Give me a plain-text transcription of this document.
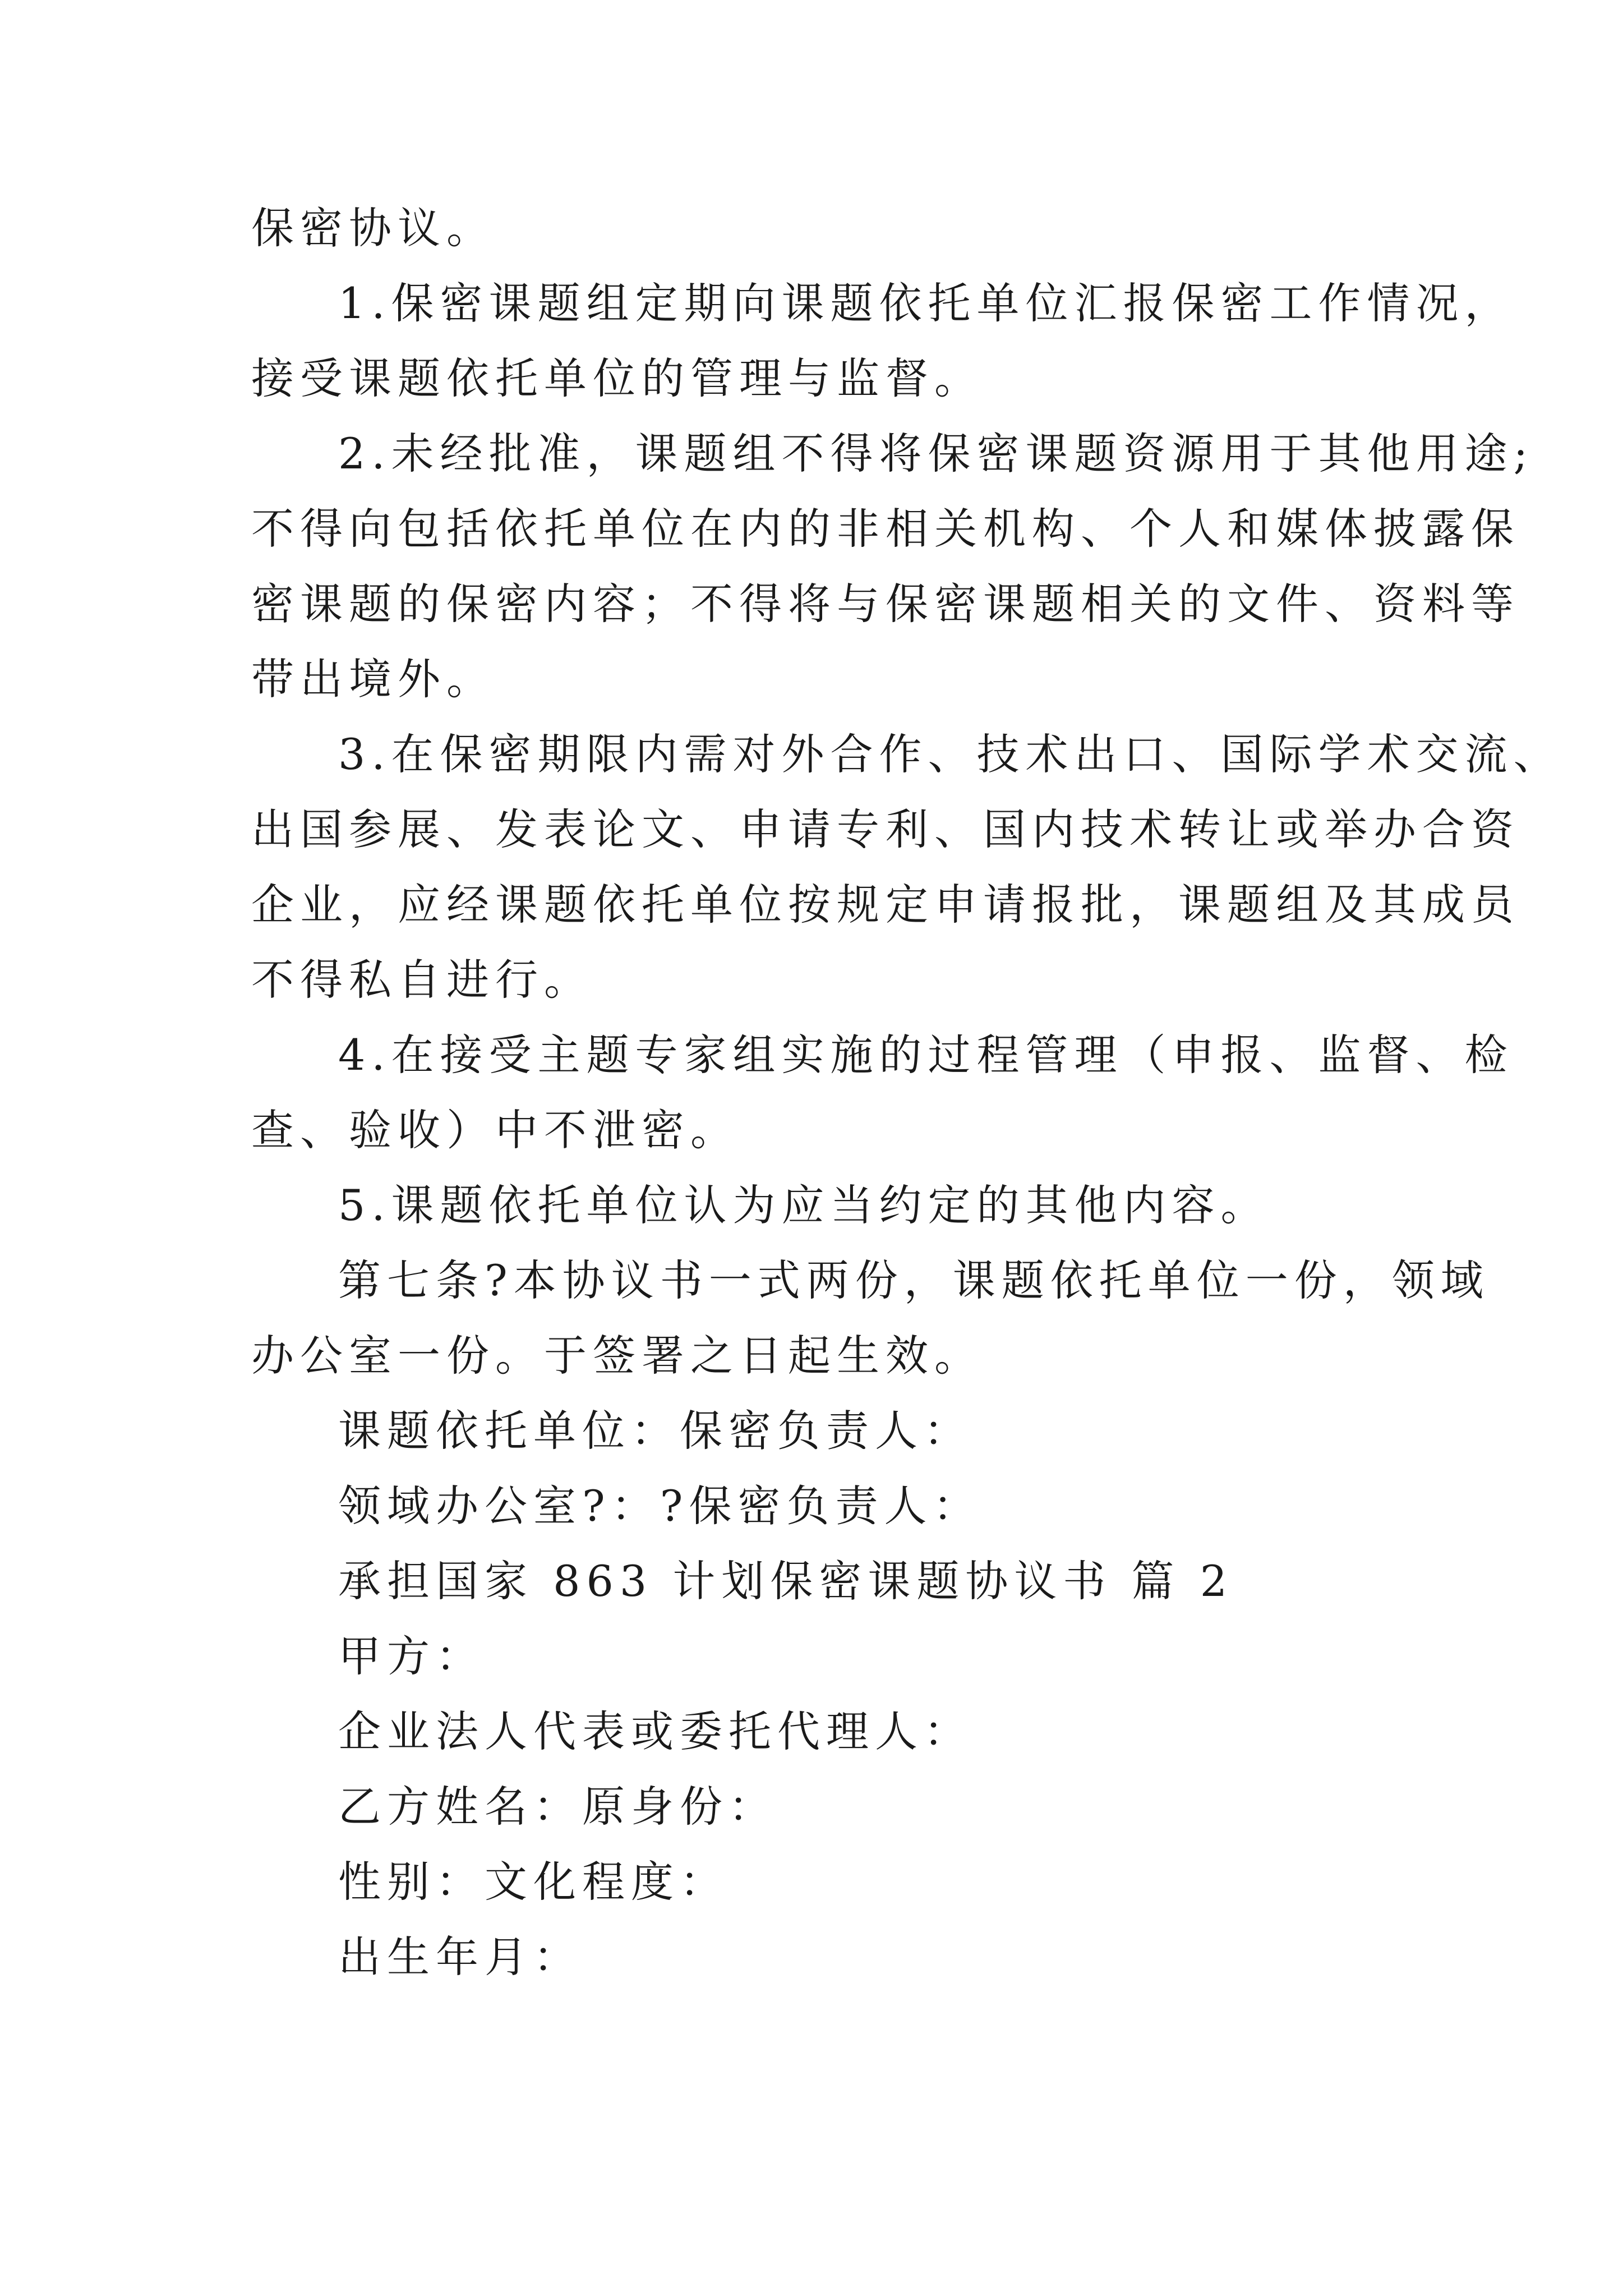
保密协议。
1.保密课题组定期向课题依托单位汇报保密工作情况，
接受课题依托单位的管理与监督。
2.未经批准，课题组不得将保密课题资源用于其他用途;
不得向包括依托单位在内的非相关机构、个人和媒体披露保
密课题的保密内容；不得将与保密课题相关的文件、资料等
带出境外。
3.在保密期限内需对外合作、技术出口、国际学术交流、
出国参展、发表论文、申请专利、国内技术转让或举办合资
企业，应经课题依托单位按规定申请报批，课题组及其成员
不得私自进行。
4.在接受主题专家组实施的过程管理（申报、监督、检
查、验收）中不泄密。
5.课题依托单位认为应当约定的其他内容。
第七条?本协议书一式两份，课题依托单位一份，领域
办公室一份。于签署之日起生效。
课题依托单位：保密负责人：
领域办公室?：?保密负责人：
承担国家 863 计划保密课题协议书 篇 2
甲方：
企业法人代表或委托代理人：
乙方姓名：原身份：
性别：文化程度：
出生年月：
